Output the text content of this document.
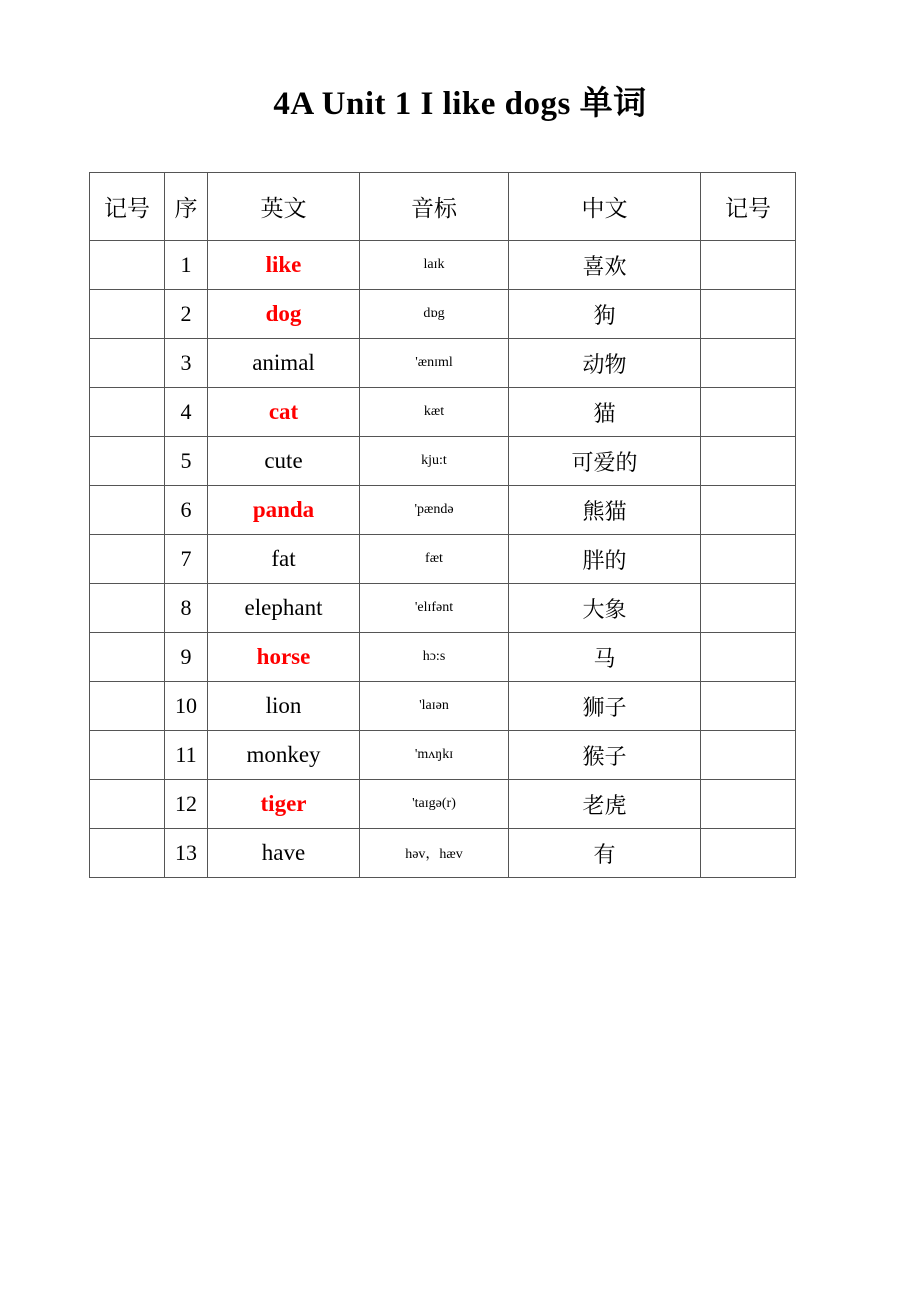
4A Unit 1 I like dogs 单词
记号	序	英文	音标	中文	记号
	1	like	laɪk	喜欢	
	2	dog	dɒg	狗	
	3	animal	'ænɪml	动物	
	4	cat	kæt	猫	
	5	cute	kju:t	可爱的	
	6	panda	'pændə	熊猫	
	7	fat	fæt	胖的	
	8	elephant	'elɪfənt	大象	
	9	horse	hɔ:s	马	
	10	lion	'laɪən	狮子	
	11	monkey	'mʌŋkɪ	猴子	
	12	tiger	'taɪgə(r)	老虎	
	13	have	həv，hæv	有	
